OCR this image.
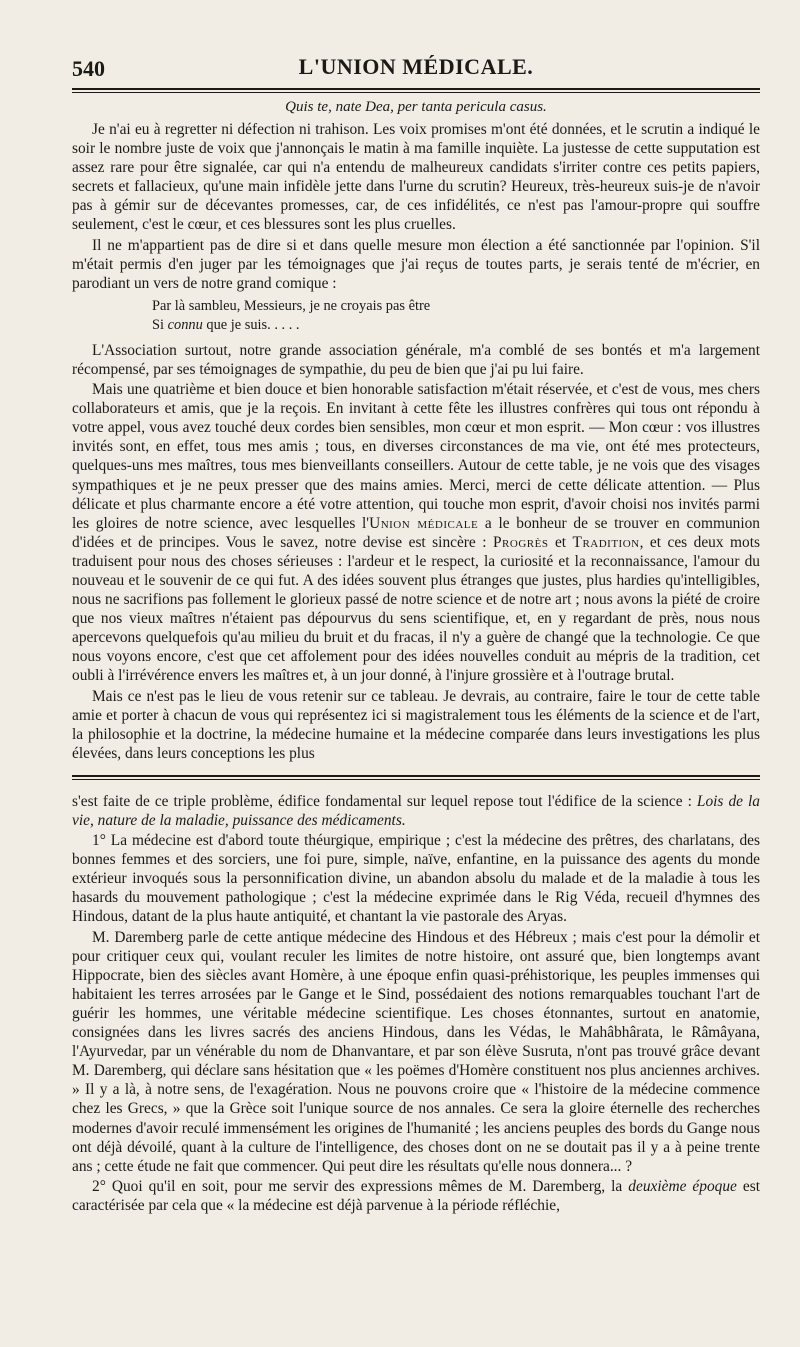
540	L'UNION MÉDICALE.
Quis te, nate Dea, per tanta pericula casus.

Je n'ai eu à regretter ni défection ni trahison. Les voix promises m'ont été données, et le scrutin a indiqué le soir le nombre juste de voix que j'annonçais le matin à ma famille inquiète. La justesse de cette supputation est assez rare pour être signalée, car qui n'a entendu de malheureux candidats s'irriter contre ces petits papiers, secrets et fallacieux, qu'une main infidèle jette dans l'urne du scrutin? Heureux, très-heureux suis-je de n'avoir pas à gémir sur de décevantes promesses, car, de ces infidélités, ce n'est pas l'amour-propre qui souffre seulement, c'est le cœur, et ces blessures sont les plus cruelles.

Il ne m'appartient pas de dire si et dans quelle mesure mon élection a été sanctionnée par l'opinion. S'il m'était permis d'en juger par les témoignages que j'ai reçus de toutes parts, je serais tenté de m'écrier, en parodiant un vers de notre grand comique :

Par là sambleu, Messieurs, je ne croyais pas être
Si connu que je suis. . . . .

L'Association surtout, notre grande association générale, m'a comblé de ses bontés et m'a largement récompensé, par ses témoignages de sympathie, du peu de bien que j'ai pu lui faire.

Mais une quatrième et bien douce et bien honorable satisfaction m'était réservée, et c'est de vous, mes chers collaborateurs et amis, que je la reçois. En invitant à cette fête les illustres confrères qui tous ont répondu à votre appel, vous avez touché deux cordes bien sensibles, mon cœur et mon esprit. — Mon cœur : vos illustres invités sont, en effet, tous mes amis ; tous, en diverses circonstances de ma vie, ont été mes protecteurs, quelques-uns mes maîtres, tous mes bienveillants conseillers. Autour de cette table, je ne vois que des visages sympathiques et je ne peux presser que des mains amies. Merci, merci de cette délicate attention. — Plus délicate et plus charmante encore a été votre attention, qui touche mon esprit, d'avoir choisi nos invités parmi les gloires de notre science, avec lesquelles l'Union médicale a le bonheur de se trouver en communion d'idées et de principes. Vous le savez, notre devise est sincère : Progrès et Tradition, et ces deux mots traduisent pour nous des choses sérieuses : l'ardeur et le respect, la curiosité et la reconnaissance, l'amour du nouveau et le souvenir de ce qui fut. A des idées souvent plus étranges que justes, plus hardies qu'intelligibles, nous ne sacrifions pas follement le glorieux passé de notre science et de notre art ; nous avons la piété de croire que nos vieux maîtres n'étaient pas dépourvus du sens scientifique, et, en y regardant de près, nous nous apercevons quelquefois qu'au milieu du bruit et du fracas, il n'y a guère de changé que la technologie. Ce que nous voyons encore, c'est que cet affolement pour des idées nouvelles conduit au mépris de la tradition, cet oubli à l'irrévérence envers les maîtres et, à un jour donné, à l'injure grossière et à l'outrage brutal.

Mais ce n'est pas le lieu de vous retenir sur ce tableau. Je devrais, au contraire, faire le tour de cette table amie et porter à chacun de vous qui représentez ici si magistralement tous les éléments de la science et de l'art, la philosophie et la doctrine, la médecine humaine et la médecine comparée dans leurs investigations les plus élevées, dans leurs conceptions les plus

s'est faite de ce triple problème, édifice fondamental sur lequel repose tout l'édifice de la science : Lois de la vie, nature de la maladie, puissance des médicaments.

1° La médecine est d'abord toute théurgique, empirique ; c'est la médecine des prêtres, des charlatans, des bonnes femmes et des sorciers, une foi pure, simple, naïve, enfantine, en la puissance des agents du monde extérieur invoqués sous la personnification divine, un abandon absolu du malade et de la maladie à tous les hasards du mouvement pathologique ; c'est la médecine exprimée dans le Rig Véda, recueil d'hymnes des Hindous, datant de la plus haute antiquité, et chantant la vie pastorale des Aryas.

M. Daremberg parle de cette antique médecine des Hindous et des Hébreux ; mais c'est pour la démolir et pour critiquer ceux qui, voulant reculer les limites de notre histoire, ont assuré que, bien longtemps avant Hippocrate, bien des siècles avant Homère, à une époque enfin quasi-préhistorique, les peuples immenses qui habitaient les terres arrosées par le Gange et le Sind, possédaient des notions remarquables touchant l'art de guérir les hommes, une véritable médecine scientifique. Les choses étonnantes, surtout en anatomie, consignées dans les livres sacrés des anciens Hindous, dans les Védas, le Mahâbhârata, le Râmâyana, l'Ayurvedar, par un vénérable du nom de Dhanvantare, et par son élève Susruta, n'ont pas trouvé grâce devant M. Daremberg, qui déclare sans hésitation que « les poëmes d'Homère constituent nos plus anciennes archives. » Il y a là, à notre sens, de l'exagération. Nous ne pouvons croire que « l'histoire de la médecine commence chez les Grecs, » que la Grèce soit l'unique source de nos annales. Ce sera la gloire éternelle des recherches modernes d'avoir reculé immensément les origines de l'humanité ; les anciens peuples des bords du Gange nous ont déjà dévoilé, quant à la culture de l'intelligence, des choses dont on ne se doutait pas il y a à peine trente ans ; cette étude ne fait que commencer. Qui peut dire les résultats qu'elle nous donnera... ?

2° Quoi qu'il en soit, pour me servir des expressions mêmes de M. Daremberg, la deuxième époque est caractérisée par cela que « la médecine est déjà parvenue à la période réfléchie,
